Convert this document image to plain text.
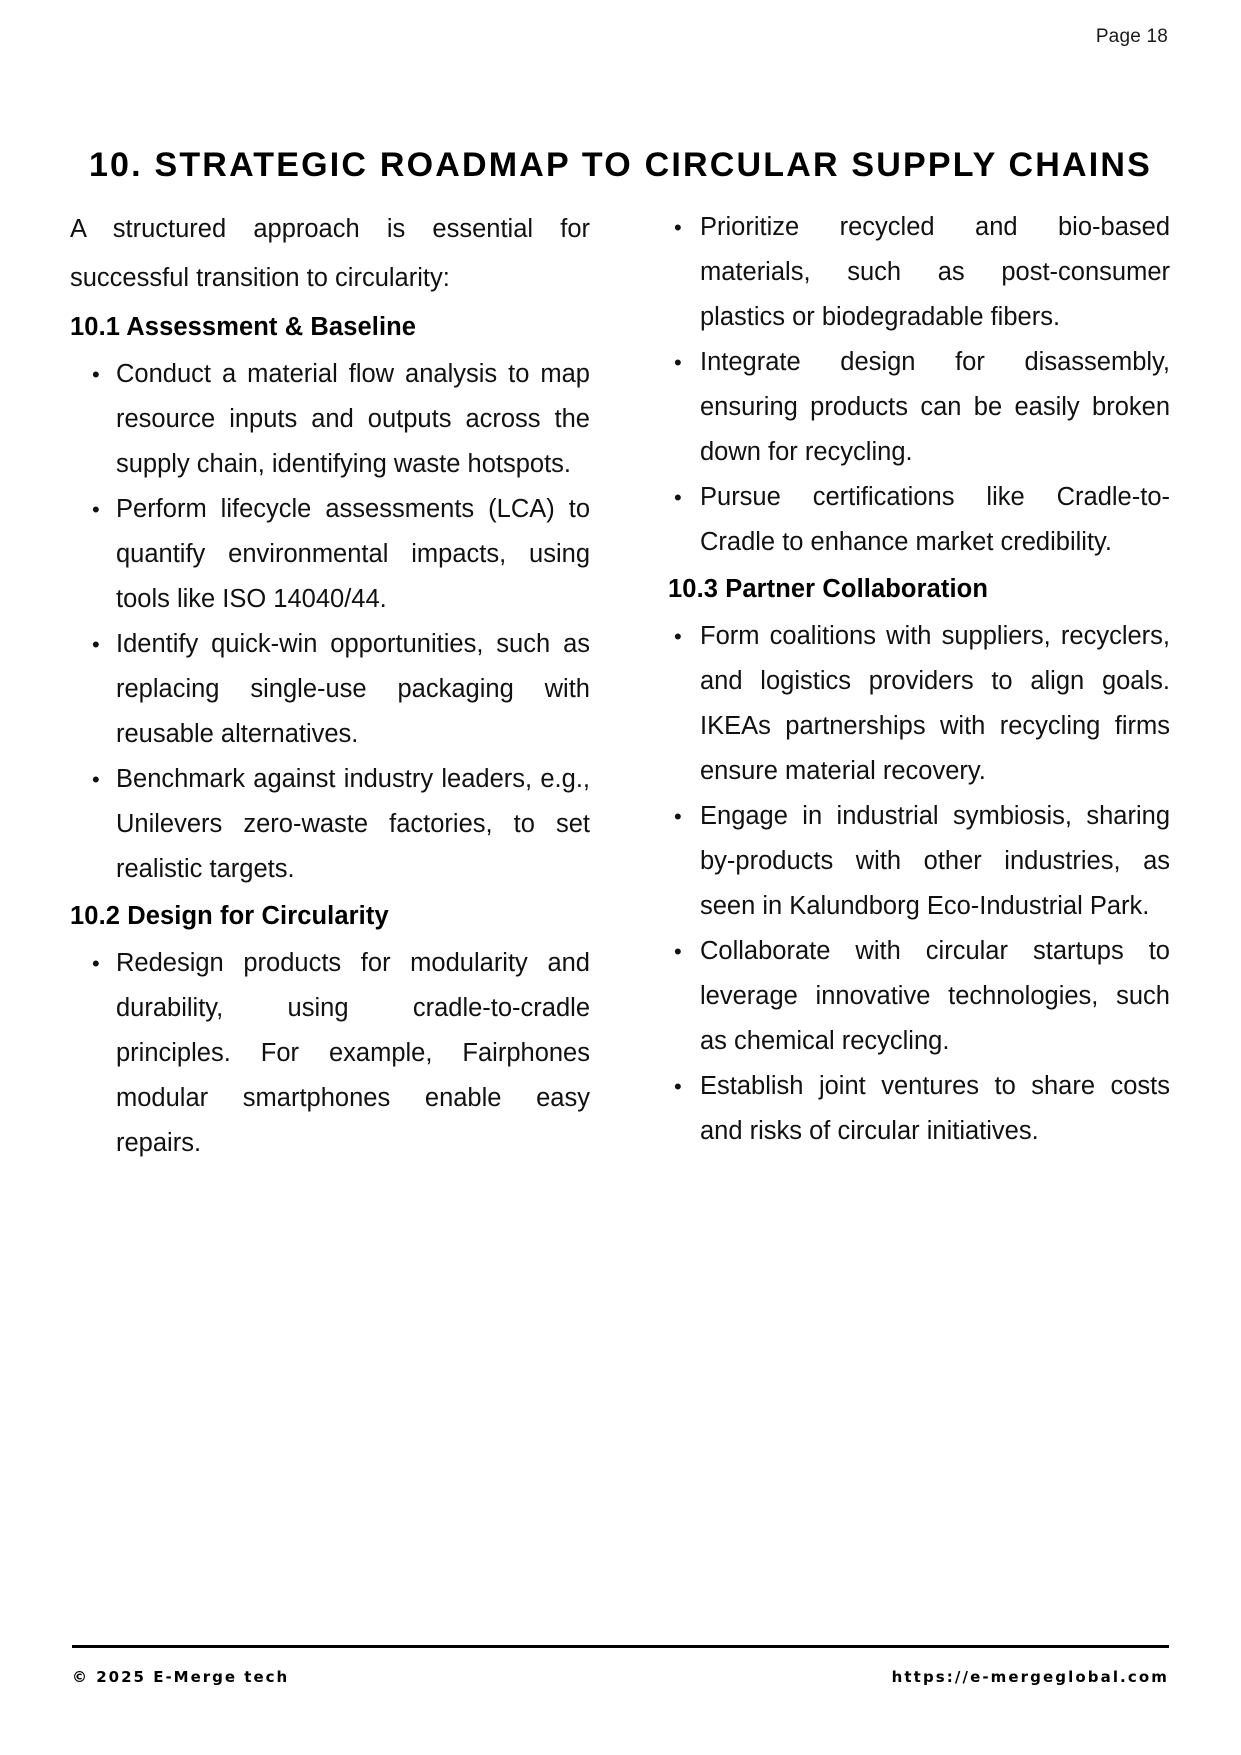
Page 18
10. STRATEGIC ROADMAP TO CIRCULAR SUPPLY CHAINS

A structured approach is essential for successful transition to circularity:

10.1 Assessment & Baseline
• Conduct a material flow analysis to map resource inputs and outputs across the supply chain, identifying waste hotspots.
• Perform lifecycle assessments (LCA) to quantify environmental impacts, using tools like ISO 14040/44.
• Identify quick-win opportunities, such as replacing single-use packaging with reusable alternatives.
• Benchmark against industry leaders, e.g., Unilevers zero-waste factories, to set realistic targets.
10.2 Design for Circularity
• Redesign products for modularity and durability, using cradle-to-cradle principles. For example, Fairphones modular smartphones enable easy repairs.
• Prioritize recycled and bio-based materials, such as post-consumer plastics or biodegradable fibers.
• Integrate design for disassembly, ensuring products can be easily broken down for recycling.
• Pursue certifications like Cradle-to-Cradle to enhance market credibility.
10.3 Partner Collaboration
• Form coalitions with suppliers, recyclers, and logistics providers to align goals. IKEAs partnerships with recycling firms ensure material recovery.
• Engage in industrial symbiosis, sharing by-products with other industries, as seen in Kalundborg Eco-Industrial Park.
• Collaborate with circular startups to leverage innovative technologies, such as chemical recycling.
• Establish joint ventures to share costs and risks of circular initiatives.
© 2025 E-Merge tech	https://e-mergeglobal.com
